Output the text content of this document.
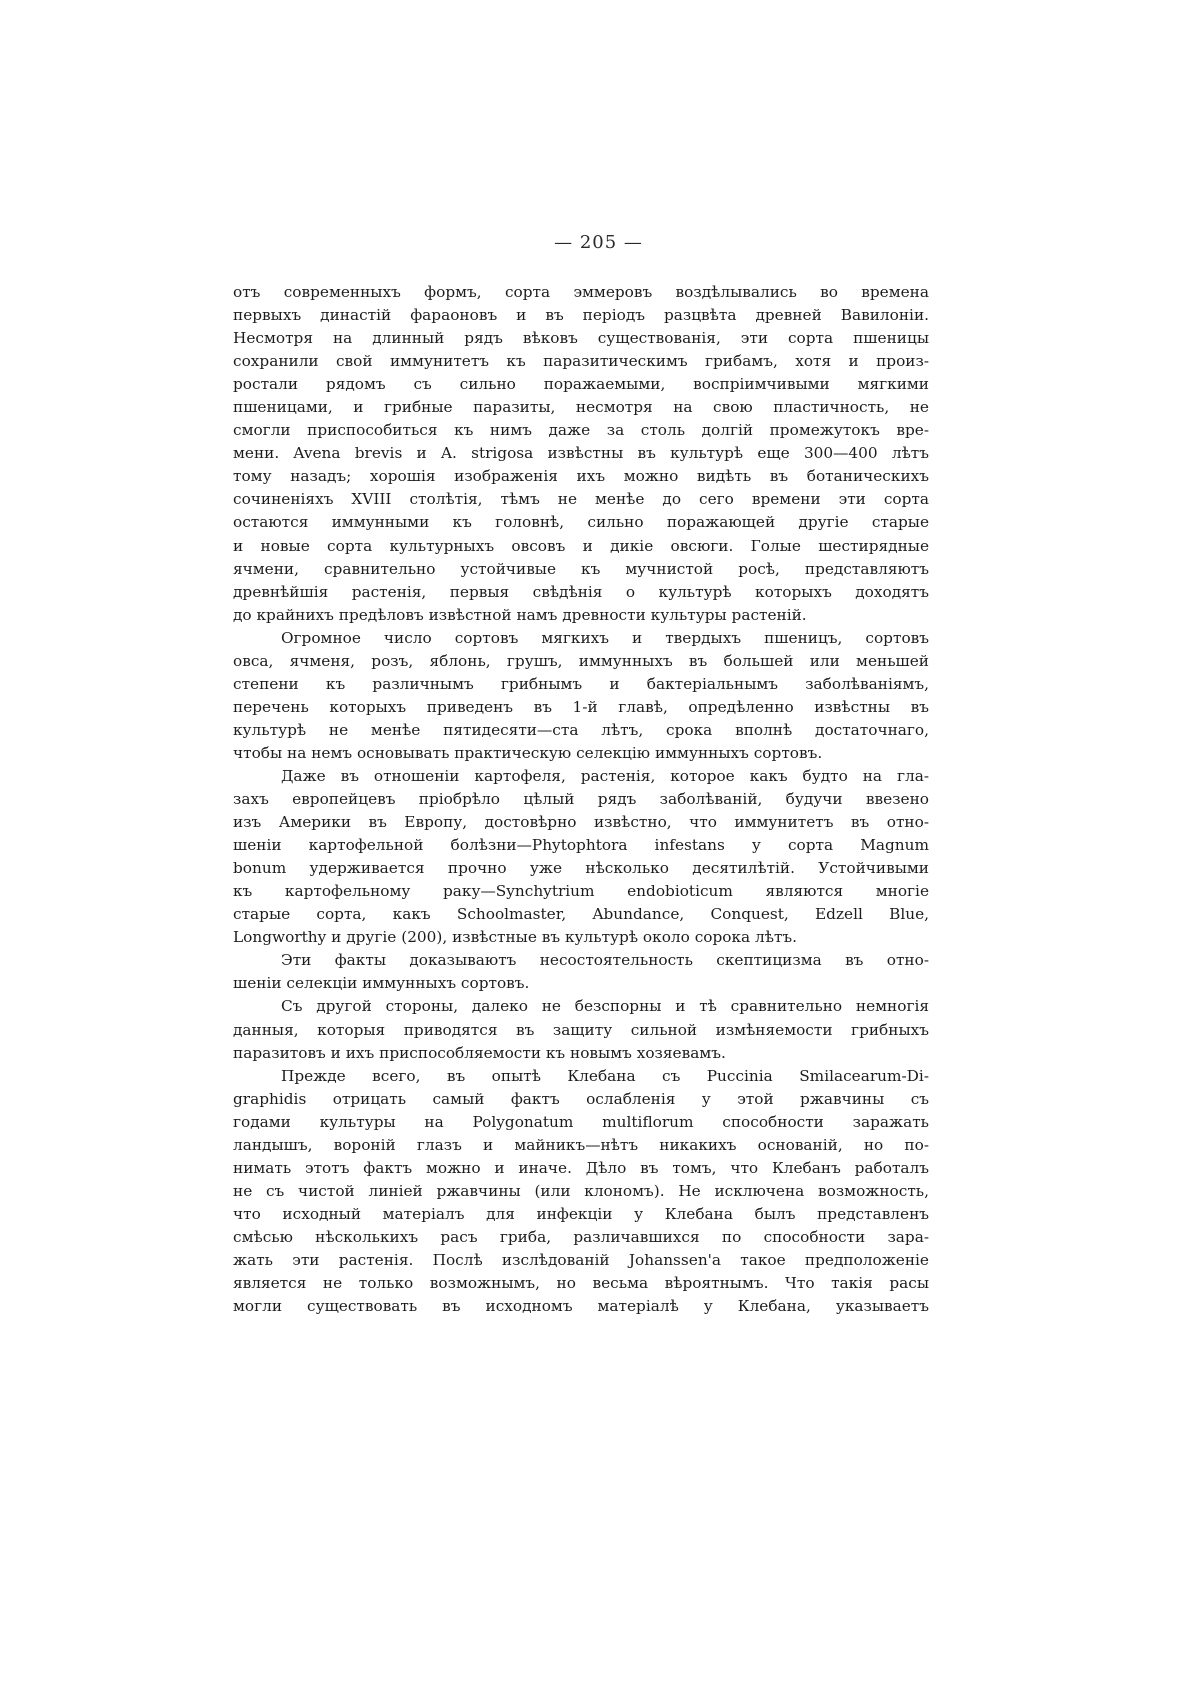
— 205 —
отъ современныхъ формъ, сорта эммеровъ воздѣлывались во времена
первыхъ династій фараоновъ и въ періодъ разцвѣта древней Вавилоніи.
Несмотря на длинный рядъ вѣковъ существованія, эти сорта пшеницы
сохранили свой иммунитетъ къ паразитическимъ грибамъ, хотя и произ-
ростали рядомъ съ сильно поражаемыми, воспріимчивыми мягкими
пшеницами, и грибные паразиты, несмотря на свою пластичность, не
смогли приспособиться къ нимъ даже за столь долгій промежутокъ вре-
мени. Avena brevis и A. strigosa извѣстны въ культурѣ еще 300—400 лѣтъ
тому назадъ; хорошія изображенія ихъ можно видѣть въ ботаническихъ
сочиненіяхъ XVIII столѣтія, тѣмъ не менѣе до сего времени эти сорта
остаются иммунными къ головнѣ, сильно поражающей другіе старые
и новые сорта культурныхъ овсовъ и дикіе овсюги. Голые шестирядные
ячмени, сравнительно устойчивые къ мучнистой росѣ, представляютъ
древнѣйшія растенія, первыя свѣдѣнія о культурѣ которыхъ доходятъ
до крайнихъ предѣловъ извѣстной намъ древности культуры растеній.
Огромное число сортовъ мягкихъ и твердыхъ пшеницъ, сортовъ
овса, ячменя, розъ, яблонь, грушъ, иммунныхъ въ большей или меньшей
степени къ различнымъ грибнымъ и бактеріальнымъ заболѣваніямъ,
перечень которыхъ приведенъ въ 1-й главѣ, опредѣленно извѣстны въ
культурѣ не менѣе пятидесяти—ста лѣтъ, срока вполнѣ достаточнаго,
чтобы на немъ основывать практическую селекцію иммунныхъ сортовъ.
Даже въ отношеніи картофеля, растенія, которое какъ будто на гла-
захъ европейцевъ пріобрѣло цѣлый рядъ заболѣваній, будучи ввезено
изъ Америки въ Европу, достовѣрно извѣстно, что иммунитетъ въ отно-
шеніи картофельной болѣзни—Phytophtora infestans у сорта Magnum
bonum удерживается прочно уже нѣсколько десятилѣтій. Устойчивыми
къ картофельному раку—Synchytrium endobioticum являются многіе
старые сорта, какъ Schoolmaster, Abundance, Conquest, Edzell Blue,
Longworthy и другіе (200), извѣстные въ культурѣ около сорока лѣтъ.
Эти факты доказываютъ несостоятельность скептицизма въ отно-
шеніи селекціи иммунныхъ сортовъ.
Съ другой стороны, далеко не безспорны и тѣ сравнительно немногія
данныя, которыя приводятся въ защиту сильной измѣняемости грибныхъ
паразитовъ и ихъ приспособляемости къ новымъ хозяевамъ.
Прежде всего, въ опытѣ Клебана съ Puccinia Smilacearum-Di-
graphidis отрицать самый фактъ ослабленія у этой ржавчины съ
годами культуры на Polygonatum multiflorum способности заражать
ландышъ, вороній глазъ и майникъ—нѣтъ никакихъ основаній, но по-
нимать этотъ фактъ можно и иначе. Дѣло въ томъ, что Клебанъ работалъ
не съ чистой линіей ржавчины (или клономъ). Не исключена возможность,
что исходный матеріалъ для инфекціи у Клебана былъ представленъ
смѣсью нѣсколькихъ расъ гриба, различавшихся по способности зара-
жать эти растенія. Послѣ изслѣдованій Johanssen'а такое предположеніе
является не только возможнымъ, но весьма вѣроятнымъ. Что такія расы
могли существовать въ исходномъ матеріалѣ у Клебана, указываетъ
